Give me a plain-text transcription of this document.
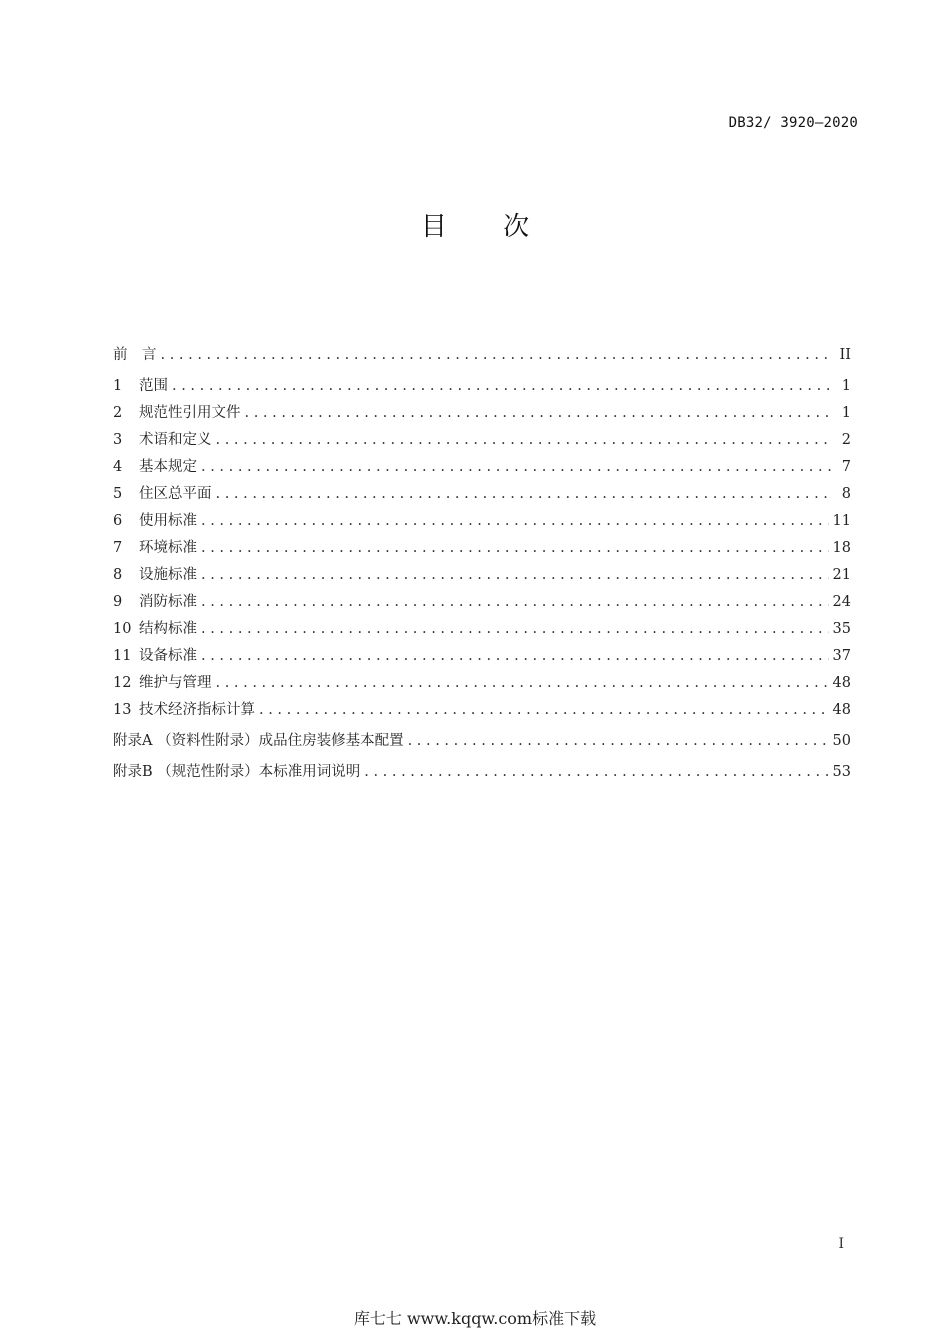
DB32/ 3920—2020
目 次
前　言 .....	II
1	范围 .....	1
2	规范性引用文件 .....	1
3	术语和定义 .....	2
4	基本规定 .....	7
5	住区总平面 .....	8
6	使用标准 .....	11
7	环境标准 .....	18
8	设施标准 .....	21
9	消防标准 .....	24
10 结构标准 .....	35
11 设备标准 .....	37
12 维护与管理 .....	48
13 技术经济指标计算 .....	48
附录A （资料性附录）成品住房装修基本配置 .....	50
附录B （规范性附录）本标准用词说明 .....	53
I
库七七 www.kqqw.com标准下载
